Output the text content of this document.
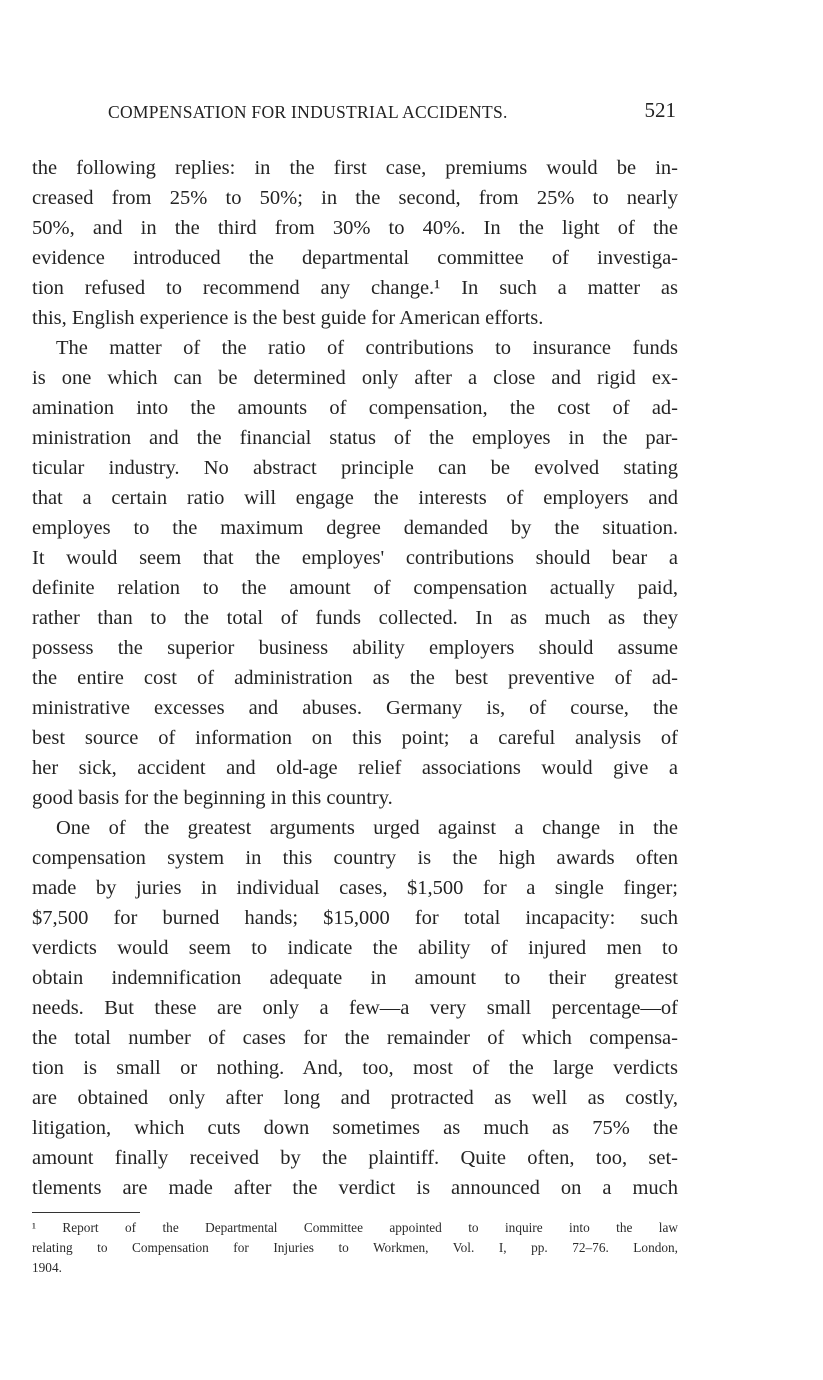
COMPENSATION FOR INDUSTRIAL ACCIDENTS.	521
the following replies: in the first case, premiums would be in-
creased from 25% to 50%; in the second, from 25% to nearly
50%, and in the third from 30% to 40%. In the light of the
evidence introduced the departmental committee of investiga-
tion refused to recommend any change.¹ In such a matter as
this, English experience is the best guide for American efforts.
The matter of the ratio of contributions to insurance funds
is one which can be determined only after a close and rigid ex-
amination into the amounts of compensation, the cost of ad-
ministration and the financial status of the employes in the par-
ticular industry. No abstract principle can be evolved stating
that a certain ratio will engage the interests of employers and
employes to the maximum degree demanded by the situation.
It would seem that the employes' contributions should bear a
definite relation to the amount of compensation actually paid,
rather than to the total of funds collected. In as much as they
possess the superior business ability employers should assume
the entire cost of administration as the best preventive of ad-
ministrative excesses and abuses. Germany is, of course, the
best source of information on this point; a careful analysis of
her sick, accident and old-age relief associations would give a
good basis for the beginning in this country.
One of the greatest arguments urged against a change in the
compensation system in this country is the high awards often
made by juries in individual cases, $1,500 for a single finger;
$7,500 for burned hands; $15,000 for total incapacity: such
verdicts would seem to indicate the ability of injured men to
obtain indemnification adequate in amount to their greatest
needs. But these are only a few—a very small percentage—of
the total number of cases for the remainder of which compensa-
tion is small or nothing. And, too, most of the large verdicts
are obtained only after long and protracted as well as costly,
litigation, which cuts down sometimes as much as 75% the
amount finally received by the plaintiff. Quite often, too, set-
tlements are made after the verdict is announced on a much
¹ Report of the Departmental Committee appointed to inquire into the law
relating to Compensation for Injuries to Workmen, Vol. I, pp. 72–76. London,
1904.
